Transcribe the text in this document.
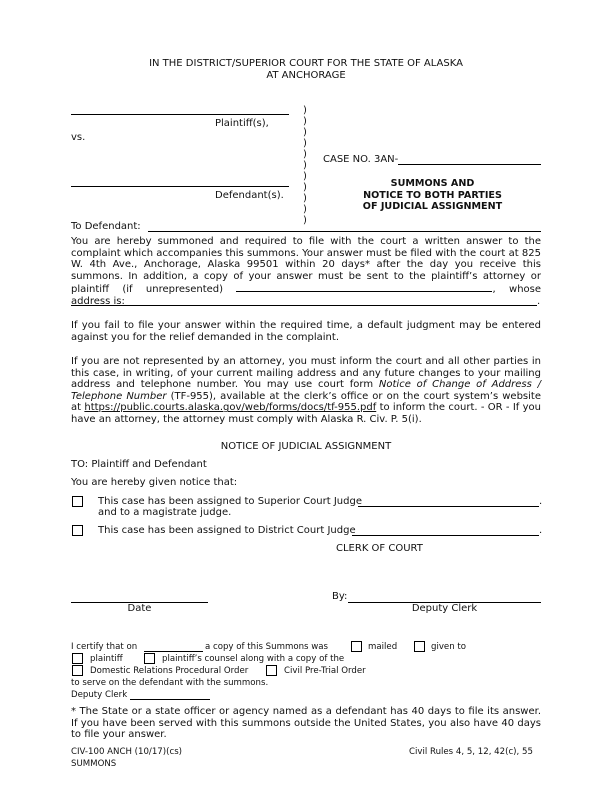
IN THE DISTRICT/SUPERIOR COURT FOR THE STATE OF ALASKA
AT ANCHORAGE
Plaintiff(s),
vs.
Defendant(s).

)
)
)
)
)
)
)
)
)
)
)
CASE NO. 3AN-
SUMMONS AND
NOTICE TO BOTH PARTIES
OF JUDICIAL ASSIGNMENT
To Defendant:
You are hereby summoned and required to file with the court a written answer to the complaint which accompanies this summons. Your answer must be filed with the court at 825 W. 4th Ave., Anchorage, Alaska 99501 within 20 days* after the day you receive this summons. In addition, a copy of your answer must be sent to the plaintiff’s attorney or plaintiff (if unrepresented)	, whose address is:	.
If you fail to file your answer within the required time, a default judgment may be entered against you for the relief demanded in the complaint.
If you are not represented by an attorney, you must inform the court and all other parties in this case, in writing, of your current mailing address and any future changes to your mailing address and telephone number. You may use court form Notice of Change of Address / Telephone Number (TF-955), available at the clerk’s office or on the court system’s website at https://public.courts.alaska.gov/web/forms/docs/tf-955.pdf to inform the court. - OR - If you have an attorney, the attorney must comply with Alaska R. Civ. P. 5(i).
NOTICE OF JUDICIAL ASSIGNMENT
TO: Plaintiff and Defendant
You are hereby given notice that:
This case has been assigned to Superior Court Judge	.
and to a magistrate judge.
This case has been assigned to District Court Judge	.
CLERK OF COURT
Date
By:
Deputy Clerk
I certify that on	a copy of this Summons was	mailed	given to
plaintiff	plaintiff’s counsel along with a copy of the
Domestic Relations Procedural Order	Civil Pre-Trial Order
to serve on the defendant with the summons.
Deputy Clerk
* The State or a state officer or agency named as a defendant has 40 days to file its answer. If you have been served with this summons outside the United States, you also have 40 days to file your answer.
CIV-100 ANCH (10/17)(cs)
SUMMONS
Civil Rules 4, 5, 12, 42(c), 55
